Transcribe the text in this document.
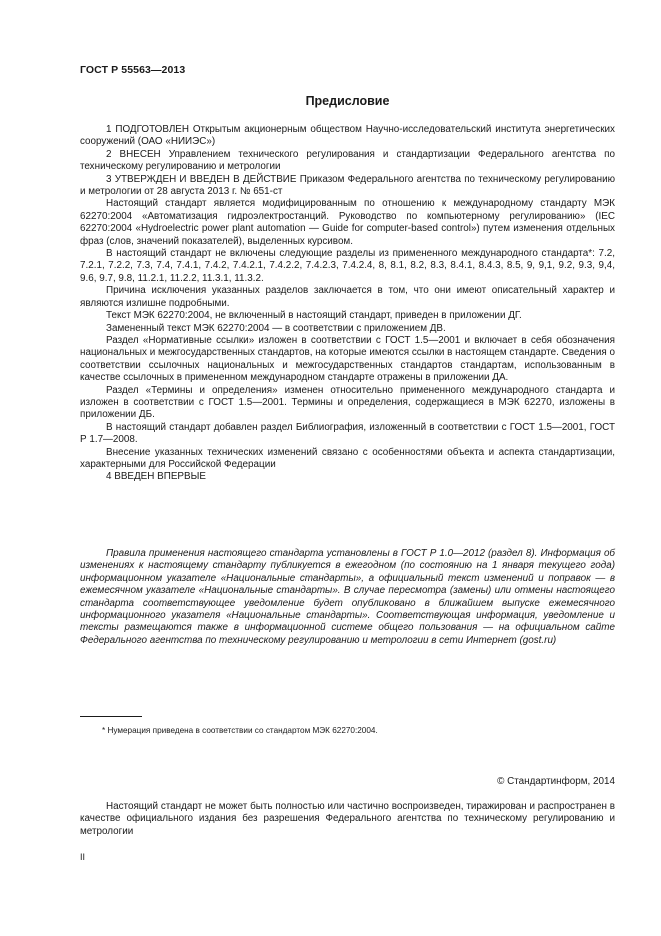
ГОСТ Р 55563—2013
Предисловие

1 ПОДГОТОВЛЕН Открытым акционерным обществом Научно-исследовательский института энергетических сооружений (ОАО «НИИЭС»)

2 ВНЕСЕН Управлением технического регулирования и стандартизации Федерального агентства по техническому регулированию и метрологии

3 УТВЕРЖДЕН И ВВЕДЕН В ДЕЙСТВИЕ Приказом Федерального агентства по техническому регулированию и метрологии от 28 августа 2013 г. № 651-ст

Настоящий стандарт является модифицированным по отношению к международному стандарту МЭК 62270:2004 «Автоматизация гидроэлектростанций. Руководство по компьютерному регулированию» (IEC 62270:2004 «Hydroelectric power plant automation — Guide for computer-based control») путем изменения отдельных фраз (слов, значений показателей), выделенных курсивом.

В настоящий стандарт не включены следующие разделы из примененного международного стандарта*: 7.2, 7.2.1, 7.2.2, 7.3, 7.4, 7.4.1, 7.4.2, 7.4.2.1, 7.4.2.2, 7.4.2.3, 7.4.2.4, 8, 8.1, 8.2, 8.3, 8.4.1, 8.4.3, 8.5, 9, 9,1, 9.2, 9.3, 9,4, 9.6, 9.7, 9.8, 11.2.1, 11.2.2, 11.3.1, 11.3.2.

Причина исключения указанных разделов заключается в том, что они имеют описательный характер и являются излишне подробными.

Текст МЭК 62270:2004, не включенный в настоящий стандарт, приведен в приложении ДГ.

Замененный текст МЭК 62270:2004 — в соответствии с приложением ДВ.

Раздел «Нормативные ссылки» изложен в соответствии с ГОСТ 1.5—2001 и включает в себя обозначения национальных и межгосударственных стандартов, на которые имеются ссылки в настоящем стандарте. Сведения о соответствии ссылочных национальных и межгосударственных стандартов стандартам, использованным в качестве ссылочных в примененном международном стандарте отражены в приложении ДА.

Раздел «Термины и определения» изменен относительно примененного международного стандарта и изложен в соответствии с ГОСТ 1.5—2001. Термины и определения, содержащиеся в МЭК 62270, изложены в приложении ДБ.

В настоящий стандарт добавлен раздел Библиография, изложенный в соответствии с ГОСТ 1.5—2001, ГОСТ Р 1.7—2008.

Внесение указанных технических изменений связано с особенностями объекта и аспекта стандартизации, характерными для Российской Федерации

4 ВВЕДЕН ВПЕРВЫЕ

Правила применения настоящего стандарта установлены в ГОСТ Р 1.0—2012 (раздел 8). Информация об изменениях к настоящему стандарту публикуется в ежегодном (по состоянию на 1 января текущего года) информационном указателе «Национальные стандарты», а официальный текст изменений и поправок — в ежемесячном указателе «Национальные стандарты». В случае пересмотра (замены) или отмены настоящего стандарта соответствующее уведомление будет опубликовано в ближайшем выпуске ежемесячного информационного указателя «Национальные стандарты». Соответствующая информация, уведомление и тексты размещаются также в информационной системе общего пользования — на официальном сайте Федерального агентства по техническому регулированию и метрологии в сети Интернет (gost.ru)

* Нумерация приведена в соответствии со стандартом МЭК 62270:2004.
© Стандартинформ, 2014

Настоящий стандарт не может быть полностью или частично воспроизведен, тиражирован и распространен в качестве официального издания без разрешения Федерального агентства по техническому регулированию и метрологии

II
